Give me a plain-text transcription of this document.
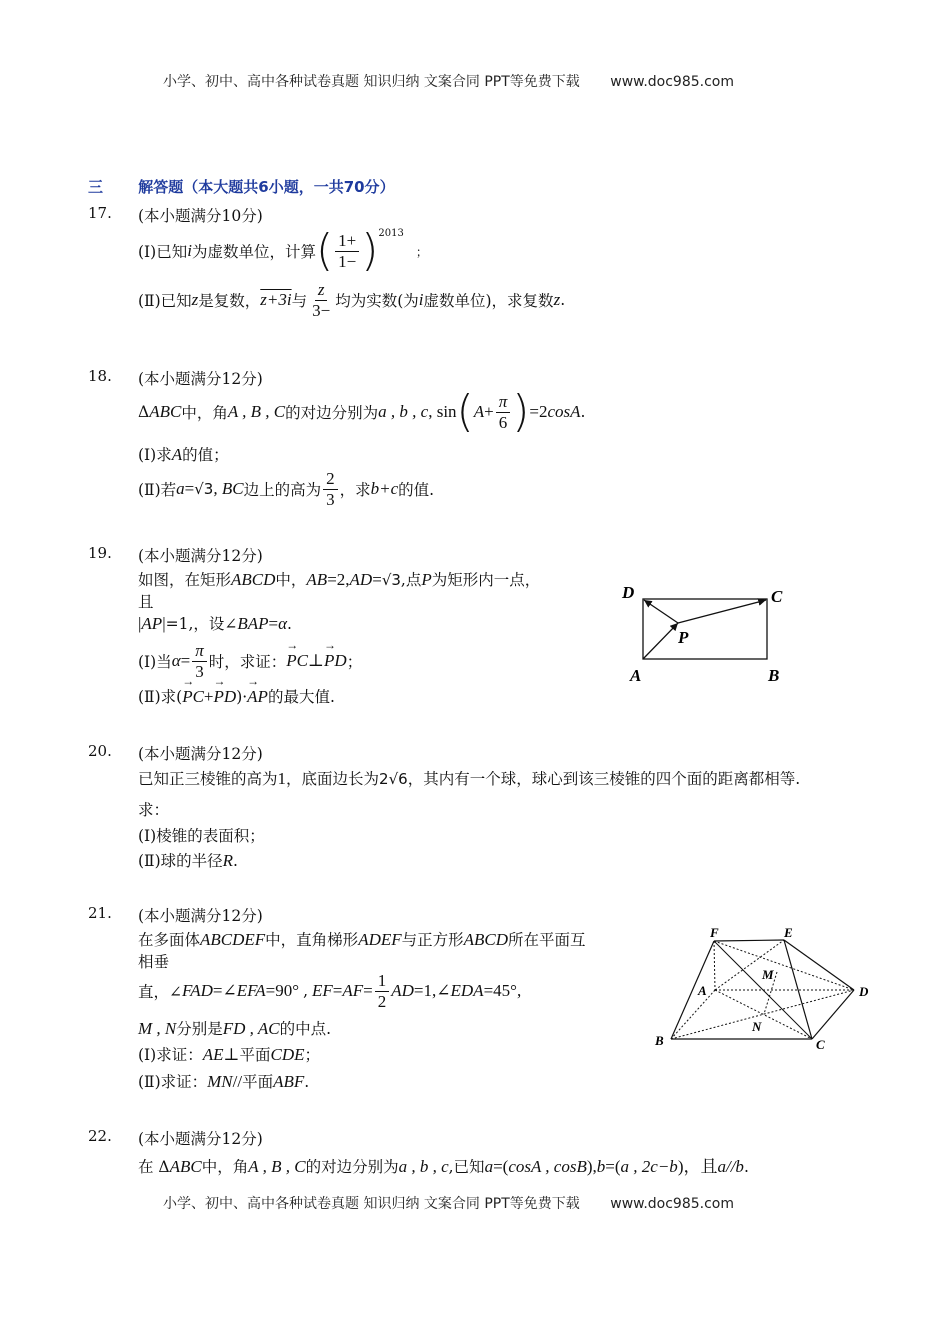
小学、初中、高中各种试卷真题 知识归纳 文案合同 PPT等免费下载 www.doc985.com
三 解答题（本大题共6小题，一共70分）
17. (本小题满分10分)
(Ⅰ)已知 i 为虚数单位，计算 ( $\frac{1+}{1-} )^{2013}$
；
(Ⅱ)已知 z 是复数， z+3i 与 $\frac{z}{3-}$ 均为实数(为 i 虚数单位)，求复数 z .
18. (本小题满分12分)
Δ ABC 中，角 A , B , C 的对边分别为 a , b , c , sin ( $A + \frac{\pi}{6}$ ) =2 cosA .
(Ⅰ)求A的值；
(Ⅱ)若 a = √3 , BC 边上的高为 $\frac{2}{3}$ ，求 b+c 的值.
19. (本小题满分12分)
如图，在矩形ABCD中，AB=2,AD=√3,点P为矩形内一点，
且
|AP|=1,，设∠BAP=α.
(Ⅰ)当 $\alpha = \frac{\pi}{3}$ 时，求证： → PC ⊥ → PD ；
(Ⅱ)求(→ PC+→ PD)·→ AP的最大值.
D	C
P
A	B
20. (本小题满分12分)
已知正三棱锥的高为1，底面边长为2√6，其内有一个球，球心到该三棱锥的四个面的距离都相等.
求：
(Ⅰ)棱锥的表面积；
(Ⅱ)球的半径R.
21. (本小题满分12分)
在多面体ABCDEF中，直角梯形ADEF与正方形ABCD所在平面互
相垂
直，∠ FAD =∠ EFA =90° , EF = AF = $\frac{1}{2}$ AD =1,∠ EDA =45°,
M , N分别是FD , AC的中点.
(Ⅰ)求证：AE⊥平面CDE；
(Ⅱ)求证：MN//平面ABF.
F	E
M
A	D
N
B	C
22. (本小题满分12分)
在 ΔABC中，角A , B , C的对边分别为a , b , c,已知a=(cosA , cosB),b=(a , 2c−b)，且a//b.
小学、初中、高中各种试卷真题 知识归纳 文案合同 PPT等免费下载 www.doc985.com
